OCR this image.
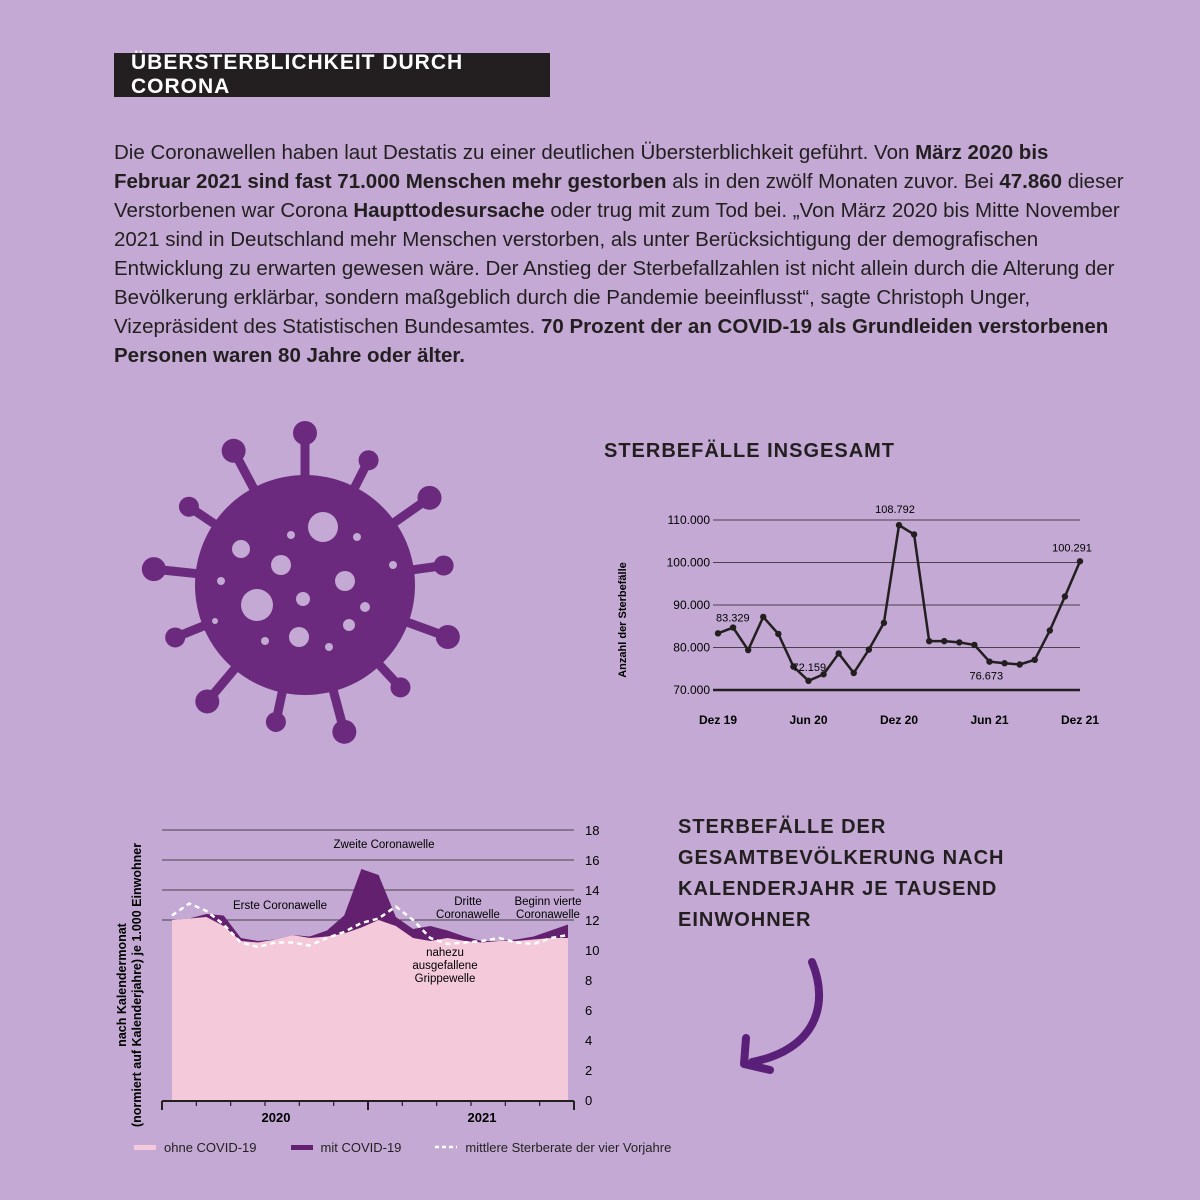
ÜBERSTERBLICHKEIT DURCH CORONA

Die Coronawellen haben laut Destatis zu einer deutlichen Übersterblichkeit geführt. Von März 2020 bis Februar 2021 sind fast 71.000 Menschen mehr gestorben als in den zwölf Monaten zuvor. Bei 47.860 dieser Verstorbenen war Corona Haupttodesursache oder trug mit zum Tod bei. „Von März 2020 bis Mitte November 2021 sind in Deutschland mehr Menschen verstorben, als unter Berücksichtigung der demografischen Entwicklung zu erwarten gewesen wäre. Der Anstieg der Sterbefallzahlen ist nicht allein durch die Alterung der Bevölkerung erklärbar, sondern maßgeblich durch die Pandemie beeinflusst“, sagte Christoph Unger, Vizepräsident des Statistischen Bundesamtes. 70 Prozent der an COVID-19 als Grundleiden verstorbenen Personen waren 80 Jahre oder älter.

STERBEFÄLLE INSGESAMT
70.000
80.000
90.000
100.000
110.000
Dez 19	Jun 20	Dez 20	Jun 21	Dez 21
Anzahl der Sterbefälle	83.329
72.159
108.792
76.673
100.291
0
2
4
6
8
10
12
14
16
18
2020	2021
nach Kalendermonat(normiert auf Kalenderjahre) je 1.000 Einwohner	Zweite Coronawelle
Erste Coronawelle	Dritte Coronawelle
Beginn vierte Coronawelle
nahezu ausgefallene Grippewelle
STERBEFÄLLE DER
GESAMTBEVÖLKERUNG NACH
KALENDERJAHR JE TAUSEND
EINWOHNER
ohne COVID-19	mit COVID-19	mittlere Sterberate der vier Vorjahre
